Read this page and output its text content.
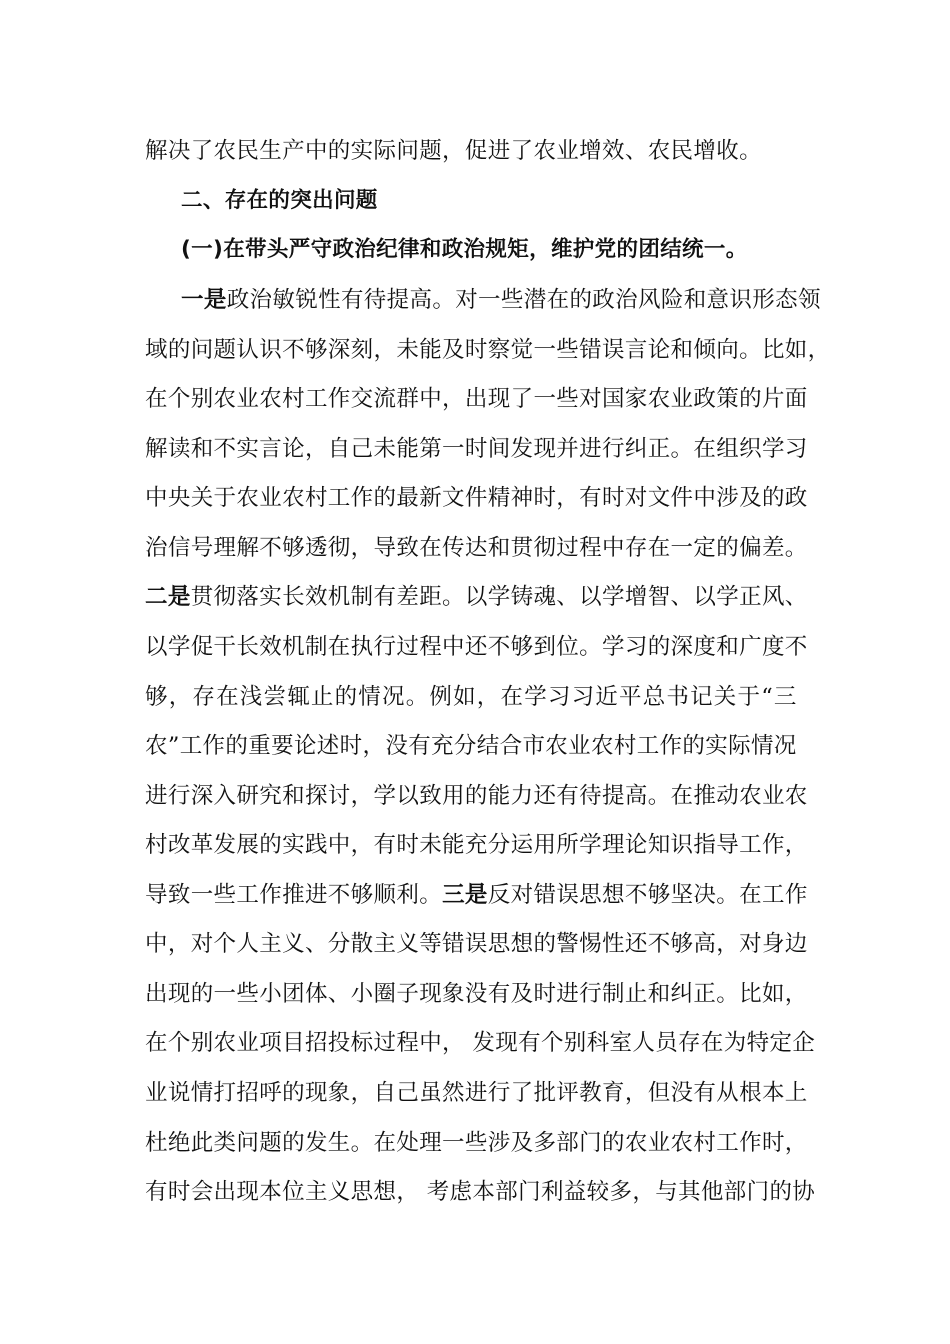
解决了农民生产中的实际问题，促进了农业增效、农民增收。
二、存在的突出问题
(一)在带头严守政治纪律和政治规矩，维护党的团结统一。
一是政治敏锐性有待提高。对一些潜在的政治风险和意识形态领
域的问题认识不够深刻，未能及时察觉一些错误言论和倾向。比如，
在个别农业农村工作交流群中，出现了一些对国家农业政策的片面
解读和不实言论，自己未能第一时间发现并进行纠正。在组织学习
中央关于农业农村工作的最新文件精神时，有时对文件中涉及的政
治信号理解不够透彻，导致在传达和贯彻过程中存在一定的偏差。
二是贯彻落实长效机制有差距。以学铸魂、以学增智、以学正风、
以学促干长效机制在执行过程中还不够到位。学习的深度和广度不
够，存在浅尝辄止的情况。例如，在学习习近平总书记关于“三
农”工作的重要论述时，没有充分结合市农业农村工作的实际情况
进行深入研究和探讨，学以致用的能力还有待提高。在推动农业农
村改革发展的实践中，有时未能充分运用所学理论知识指导工作，
导致一些工作推进不够顺利。三是反对错误思想不够坚决。在工作
中，对个人主义、分散主义等错误思想的警惕性还不够高，对身边
出现的一些小团体、小圈子现象没有及时进行制止和纠正。比如，
在个别农业项目招投标过程中， 发现有个别科室人员存在为特定企
业说情打招呼的现象，自己虽然进行了批评教育，但没有从根本上
杜绝此类问题的发生。在处理一些涉及多部门的农业农村工作时，
有时会出现本位主义思想， 考虑本部门利益较多，与其他部门的协
